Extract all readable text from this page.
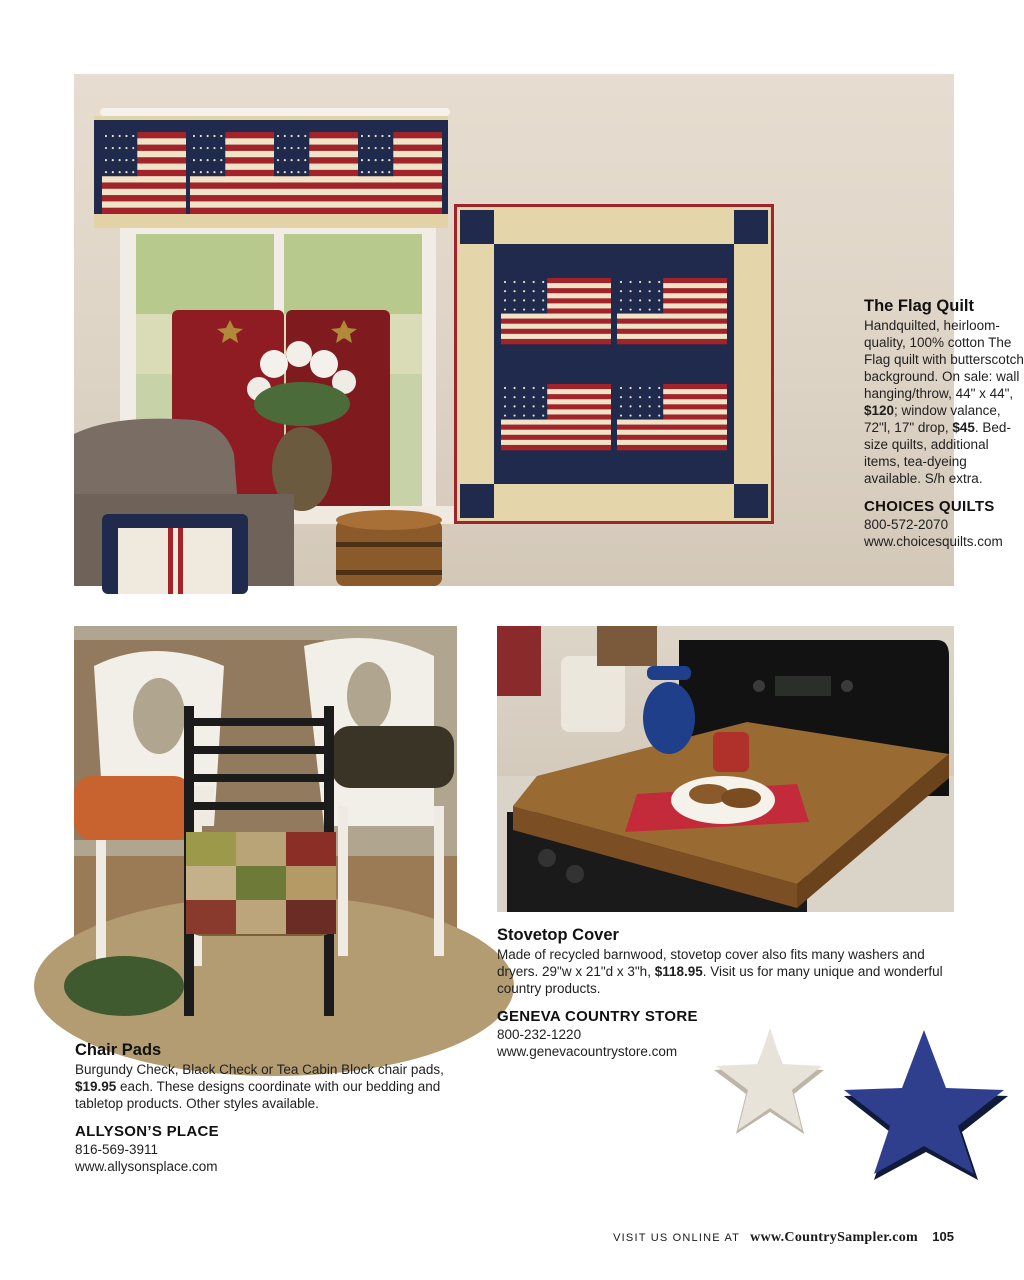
The Flag Quilt

Handquilted, heirloom-quality, 100% cotton The Flag quilt with butterscotch background. On sale: wall hanging/throw, 44" x 44", $120; window valance, 72"l, 17" drop, $45. Bed-size quilts, additional items, tea-dyeing available. S/h extra.

CHOICES QUILTS

800-572-2070

www.choicesquilts.com

Chair Pads

Burgundy Check, Black Check or Tea Cabin Block chair pads, $19.95 each. These designs coordinate with our bedding and tabletop products. Other styles available.

ALLYSON’S PLACE

816-569-3911

www.allysonsplace.com

Stovetop Cover

Made of recycled barnwood, stovetop cover also fits many washers and dryers. 29"w x 21"d x 3"h, $118.95. Visit us for many unique and wonderful country products.

GENEVA COUNTRY STORE

800-232-1220

www.genevacountrystore.com

VISIT US ONLINE AT www.CountrySampler.com 105
